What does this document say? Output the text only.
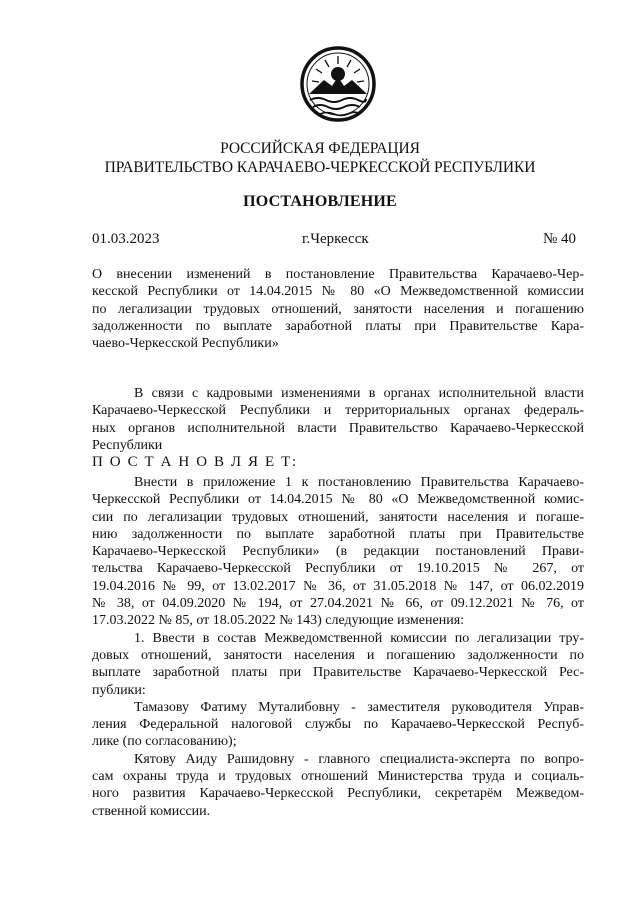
РОССИЙСКАЯ ФЕДЕРАЦИЯ
ПРАВИТЕЛЬСТВО КАРАЧАЕВО-ЧЕРКЕССКОЙ РЕСПУБЛИКИ
ПОСТАНОВЛЕНИЕ
01.03.2023	г.Черкесск	№ 40
О внесении изменений в постановление Правительства Карачаево-Чер-
кесской Республики от 14.04.2015 № 80 «О Межведомственной комиссии
по легализации трудовых отношений, занятости населения и погашению
задолженности по выплате заработной платы при Правительстве Кара-
чаево-Черкесской Республики»
В связи с кадровыми изменениями в органах исполнительной власти
Карачаево-Черкесской Республики и территориальных органах федераль-
ных органов исполнительной власти Правительство Карачаево-Черкесской
Республики
П О С Т А Н О В Л Я Е Т:
Внести в приложение 1 к постановлению Правительства Карачаево-
Черкесской Республики от 14.04.2015 № 80 «О Межведомственной комис-
сии по легализации трудовых отношений, занятости населения и погаше-
нию задолженности по выплате заработной платы при Правительстве
Карачаево-Черкесской Республики» (в редакции постановлений Прави-
тельства Карачаево-Черкесской Республики от 19.10.2015 № 267, от
19.04.2016 № 99, от 13.02.2017 № 36, от 31.05.2018 № 147, от 06.02.2019
№ 38, от 04.09.2020 № 194, от 27.04.2021 № 66, от 09.12.2021 № 76, от
17.03.2022 № 85, от 18.05.2022 № 143) следующие изменения:
1. Ввести в состав Межведомственной комиссии по легализации тру-
довых отношений, занятости населения и погашению задолженности по
выплате заработной платы при Правительстве Карачаево-Черкесской Рес-
публики:
Тамазову Фатиму Муталибовну - заместителя руководителя Управ-
ления Федеральной налоговой службы по Карачаево-Черкесской Респуб-
лике (по согласованию);
Кятову Аиду Рашидовну - главного специалиста-эксперта по вопро-
сам охраны труда и трудовых отношений Министерства труда и социаль-
ного развития Карачаево-Черкесской Республики, секретарём Межведом-
ственной комиссии.
